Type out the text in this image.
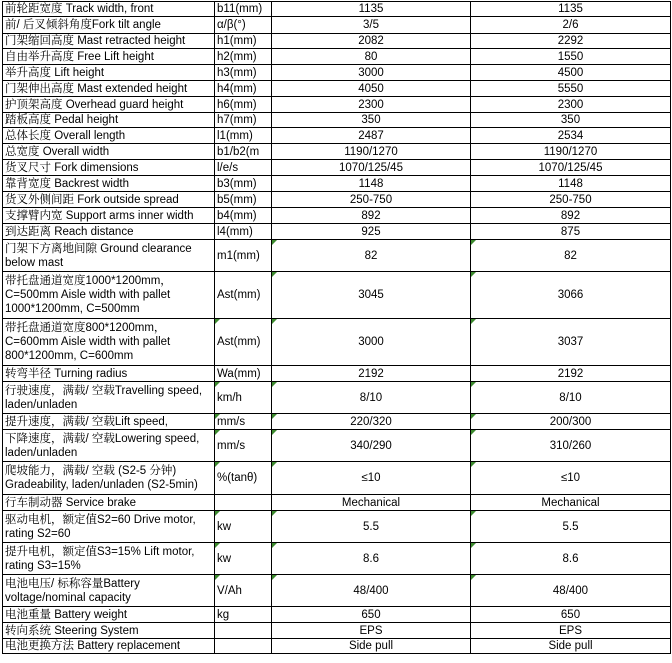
前轮距宽度 Track width, front	b11(mm)	1135	1135
前/ 后叉倾斜角度Fork tilt angle	α/β(°)	3/5	2/6
门架缩回高度 Mast retracted height	h1(mm)	2082	2292
自由举升高度 Free Lift height	h2(mm)	80	1550
举升高度 Lift height	h3(mm)	3000	4500
门架伸出高度 Mast extended height	h4(mm)	4050	5550
护顶架高度 Overhead guard height	h6(mm)	2300	2300
踏板高度 Pedal height	h7(mm)	350	350
总体长度 Overall length	l1(mm)	2487	2534
总宽度 Overall width	b1/b2(m	1190/1270	1190/1270
货叉尺寸 Fork dimensions	l/e/s	1070/125/45	1070/125/45
靠背宽度 Backrest width	b3(mm)	1148	1148
货叉外侧间距 Fork outside spread	b5(mm)	250-750	250-750
支撑臂内宽 Support arms inner width	b4(mm)	892	892
到达距离 Reach distance	l4(mm)	925	875
门架下方离地间隙 Ground clearance below mast	m1(mm)	82	82
带托盘通道宽度1000*1200mm，C=500mm Aisle width with pallet 1000*1200mm, C=500mm	Ast(mm)	3045	3066
带托盘通道宽度800*1200mm，C=600mm Aisle width with pallet 800*1200mm, C=600mm	Ast(mm)	3000	3037
转弯半径 Turning radius	Wa(mm)	2192	2192
行驶速度，满载/ 空载Travelling speed, laden/unladen	km/h	8/10	8/10
提升速度，满载/ 空载Lift speed,	mm/s	220/320	200/300
下降速度，满载/ 空载Lowering speed, laden/unladen	mm/s	340/290	310/260
爬坡能力，满载/ 空载 (S2-5 分钟) Gradeability, laden/unladen (S2-5min)	%(tanθ)	≤10	≤10
行车制动器 Service brake		Mechanical	Mechanical
驱动电机，额定值S2=60 Drive motor, rating S2=60	kw	5.5	5.5
提升电机，额定值S3=15% Lift motor, rating S3=15%	kw	8.6	8.6
电池电压/ 标称容量Battery voltage/nominal capacity	V/Ah	48/400	48/400
电池重量 Battery weight	kg	650	650
转向系统 Steering System		EPS	EPS
电池更换方法 Battery replacement		Side pull	Side pull
